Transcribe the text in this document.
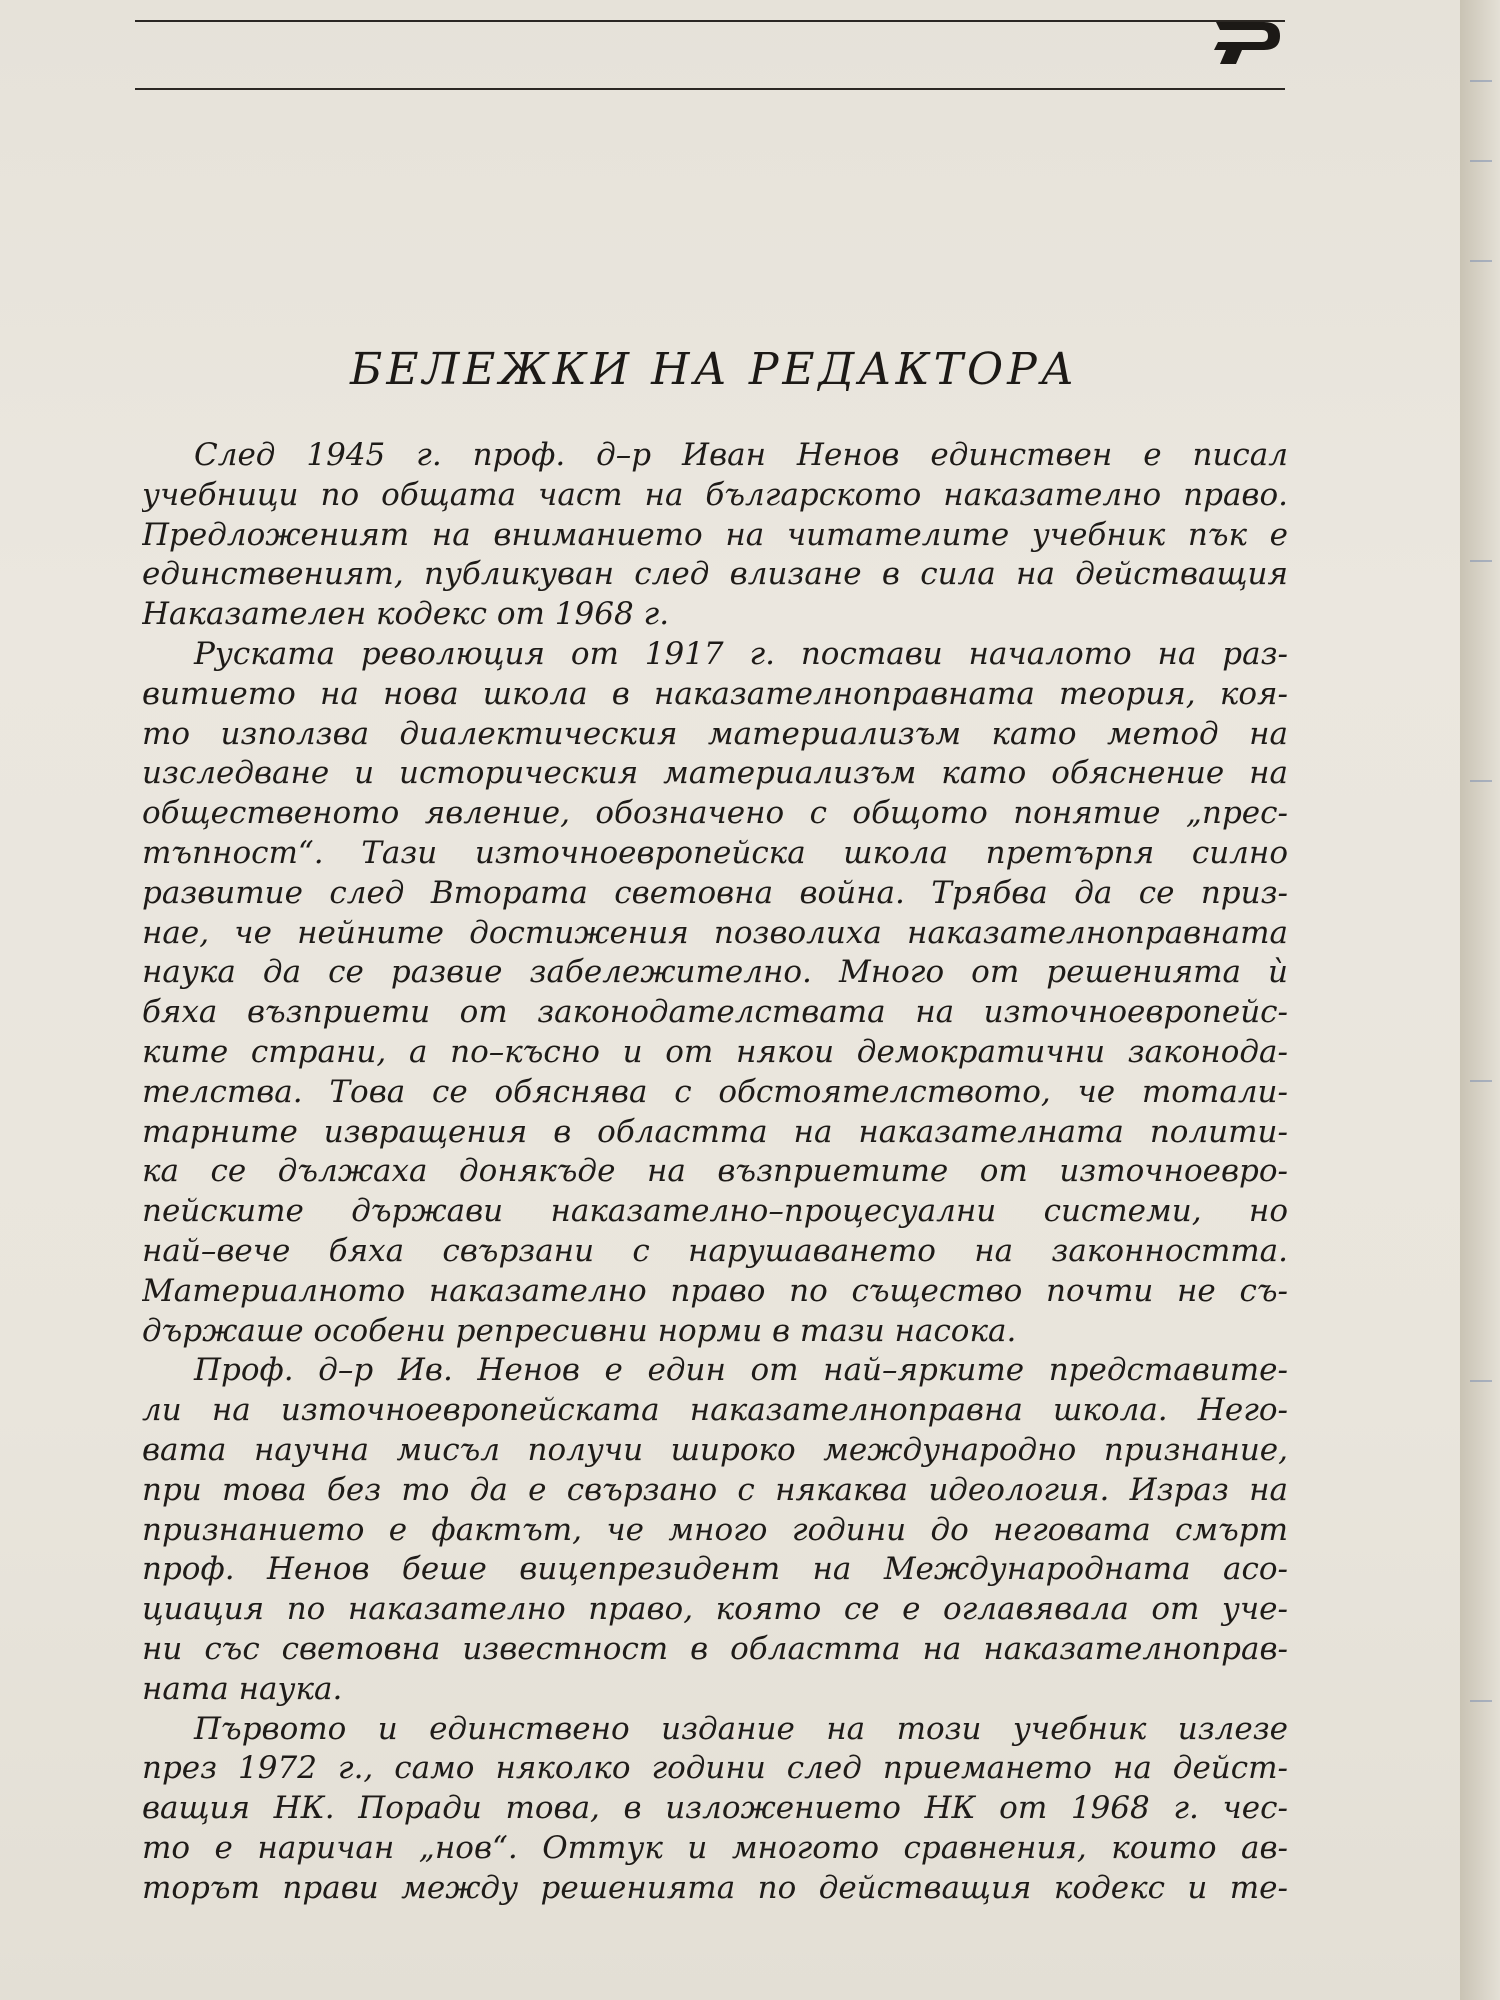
БЕЛЕЖКИ НА РЕДАКТОРА
След 1945 г. проф. д–р Иван Ненов единствен е писал
учебници по общата част на българското наказателно право.
Предложеният на вниманието на читателите учебник пък е
единственият, публикуван след влизане в сила на действащия
Наказателен кодекс от 1968 г.
Руската революция от 1917 г. постави началото на раз-
витието на нова школа в наказателноправната теория, коя-
то използва диалектическия материализъм като метод на
изследване и историческия материализъм като обяснение на
общественото явление, обозначено с общото понятие „прес-
тъпност“. Тази източноевропейска школа претърпя силно
развитие след Втората световна война. Трябва да се приз-
нае, че нейните достижения позволиха наказателноправната
наука да се развие забележително. Много от решенията ѝ
бяха възприети от законодателствата на източноевропейс-
ките страни, а по–късно и от някои демократични законода-
телства. Това се обяснява с обстоятелството, че тотали-
тарните извращения в областта на наказателната полити-
ка се дължаха донякъде на възприетите от източноевро-
пейските държави наказателно–процесуални системи, но
най–вече бяха свързани с нарушаването на законността.
Материалното наказателно право по същество почти не съ-
държаше особени репресивни норми в тази насока.
Проф. д–р Ив. Ненов е един от най–ярките представите-
ли на източноевропейската наказателноправна школа. Него-
вата научна мисъл получи широко международно признание,
при това без то да е свързано с някаква идеология. Израз на
признанието е фактът, че много години до неговата смърт
проф. Ненов беше вицепрезидент на Международната асо-
циация по наказателно право, която се е оглавявала от уче-
ни със световна известност в областта на наказателноправ-
ната наука.
Първото и единствено издание на този учебник излезе
през 1972 г., само няколко години след приемането на дейст-
ващия НК. Поради това, в изложението НК от 1968 г. чес-
то е наричан „нов“. Оттук и многото сравнения, които ав-
торът прави между решенията по действащия кодекс и те-
